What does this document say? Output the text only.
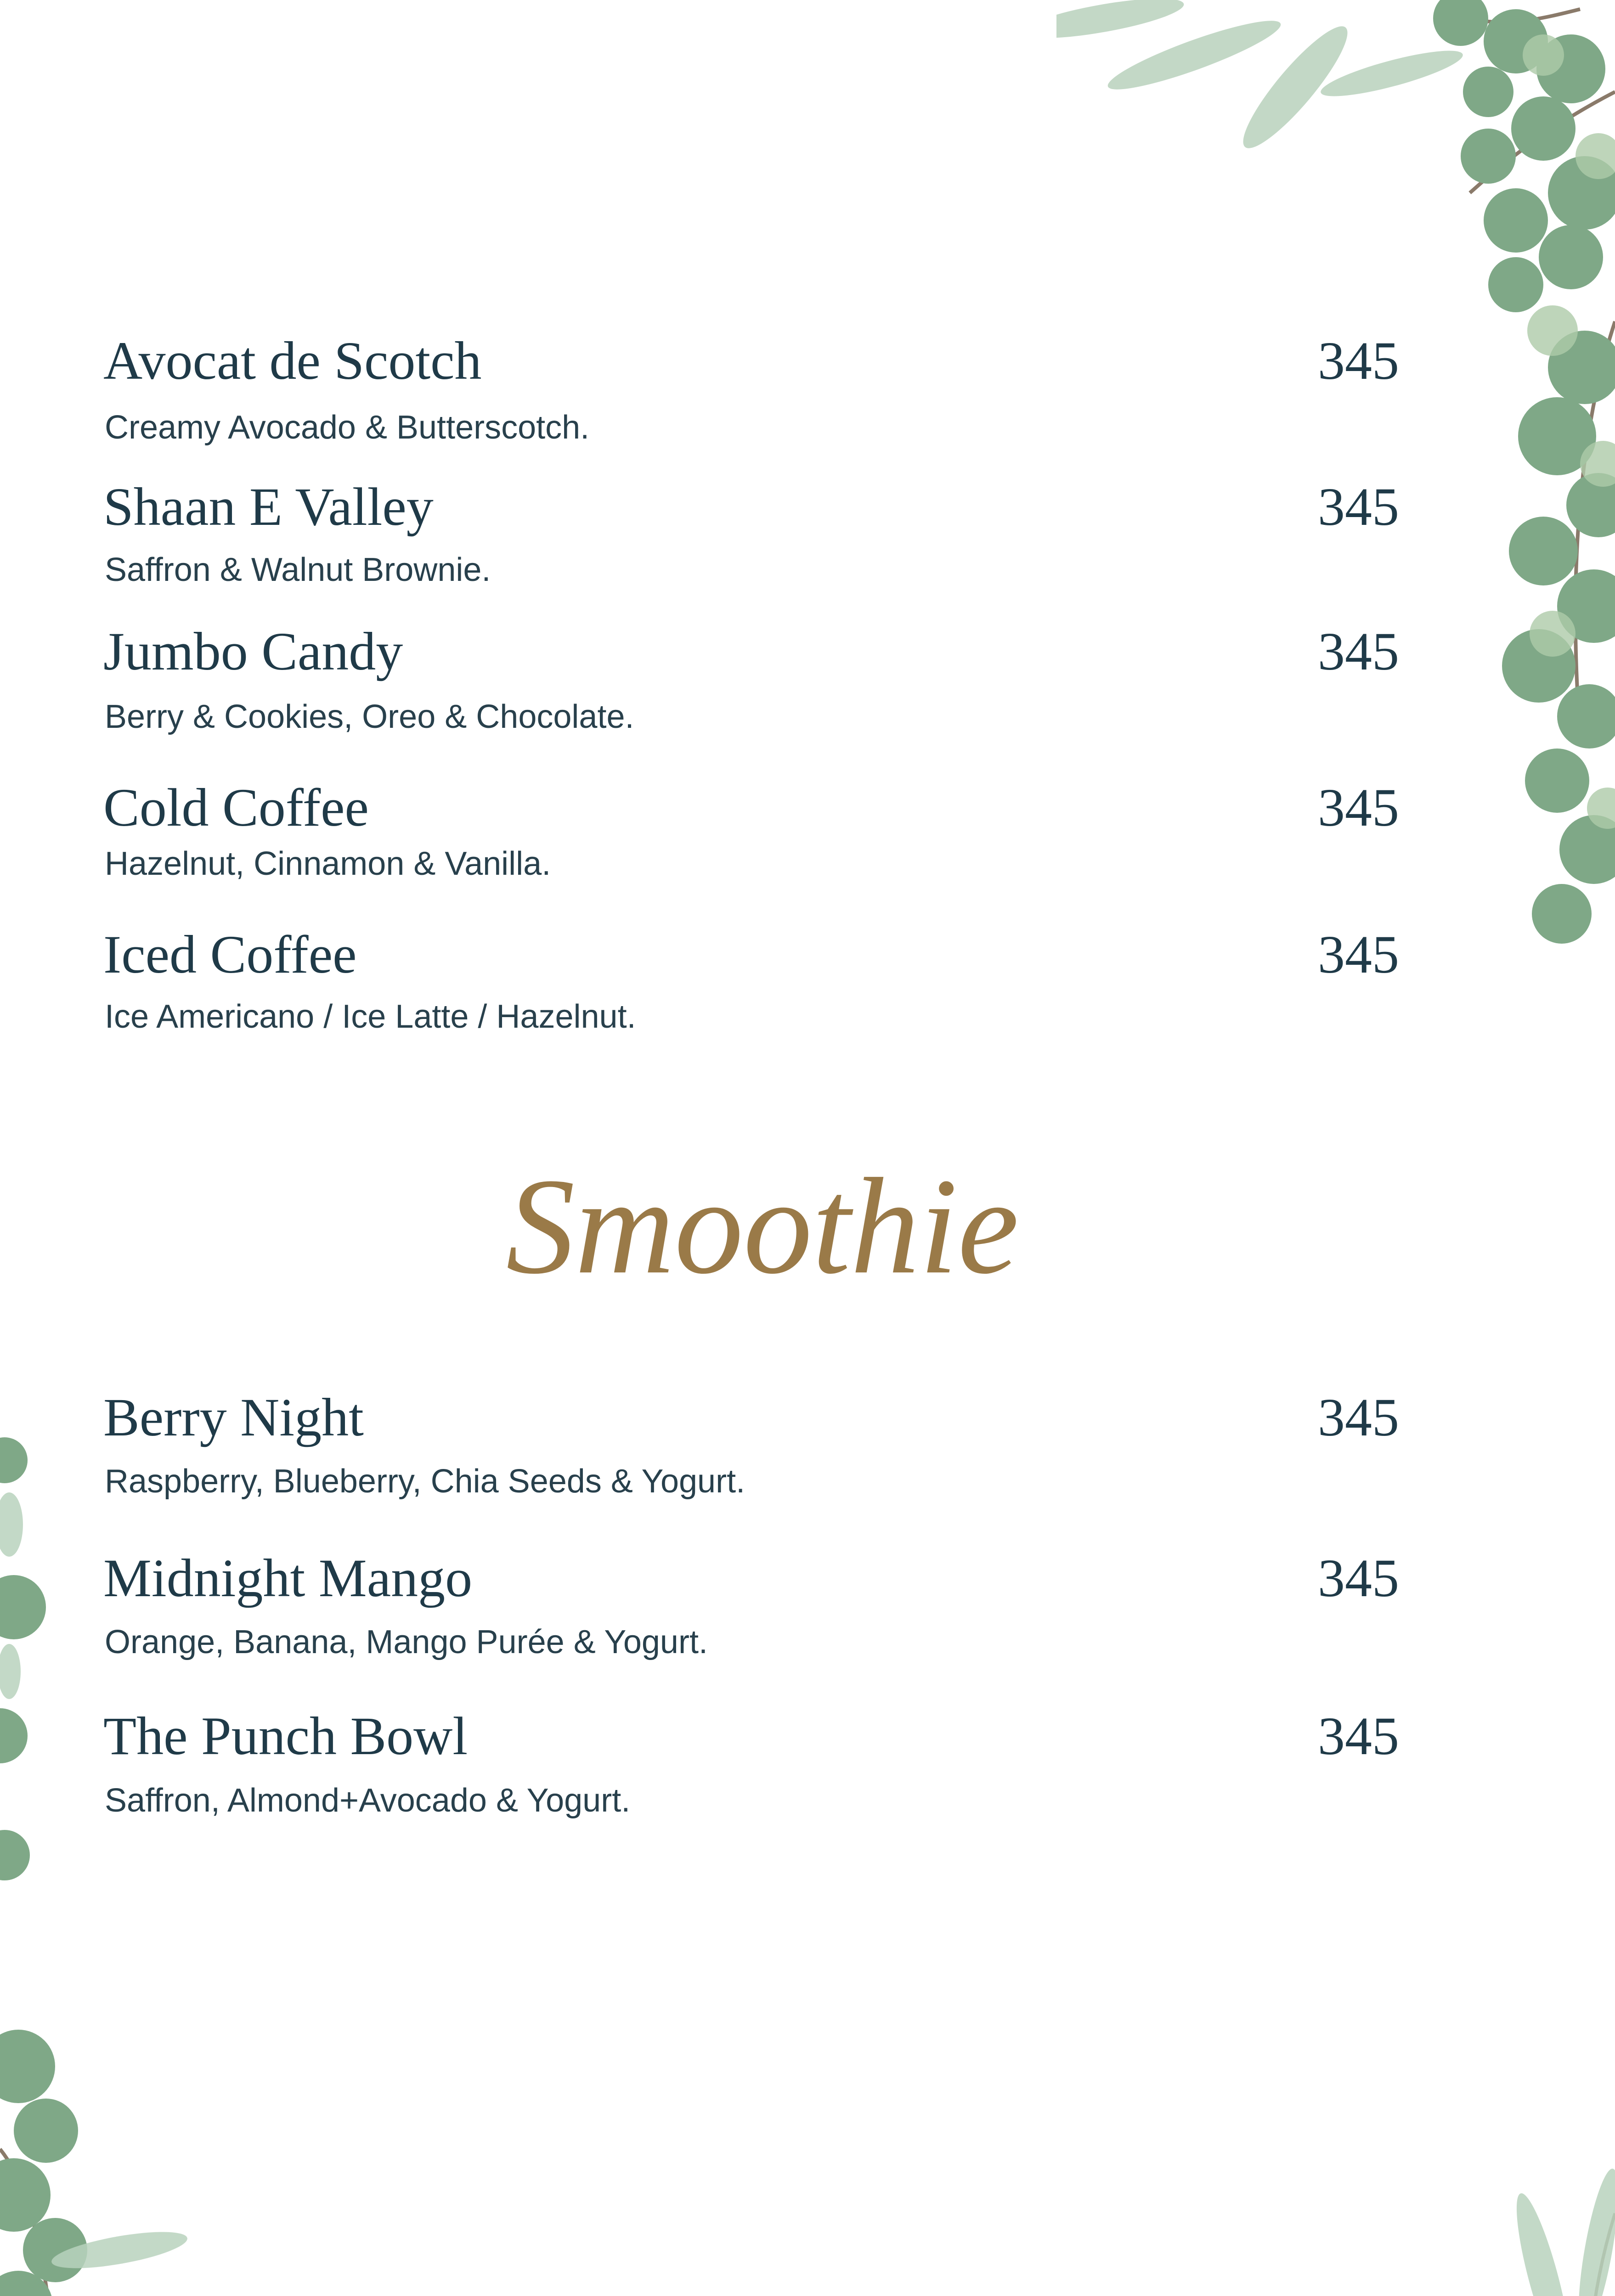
Avocat de Scotch	345
Creamy Avocado & Butterscotch.
Shaan E Valley	345
Saffron & Walnut Brownie.
Jumbo Candy	345
Berry & Cookies, Oreo & Chocolate.
Cold Coffee	345
Hazelnut, Cinnamon & Vanilla.
Iced Coffee	345
Ice Americano / Ice Latte / Hazelnut.
Smoothie
Berry Night	345
Raspberry, Blueberry, Chia Seeds & Yogurt.
Midnight Mango	345
Orange, Banana, Mango Purée & Yogurt.
The Punch Bowl	345
Saffron, Almond+Avocado & Yogurt.
